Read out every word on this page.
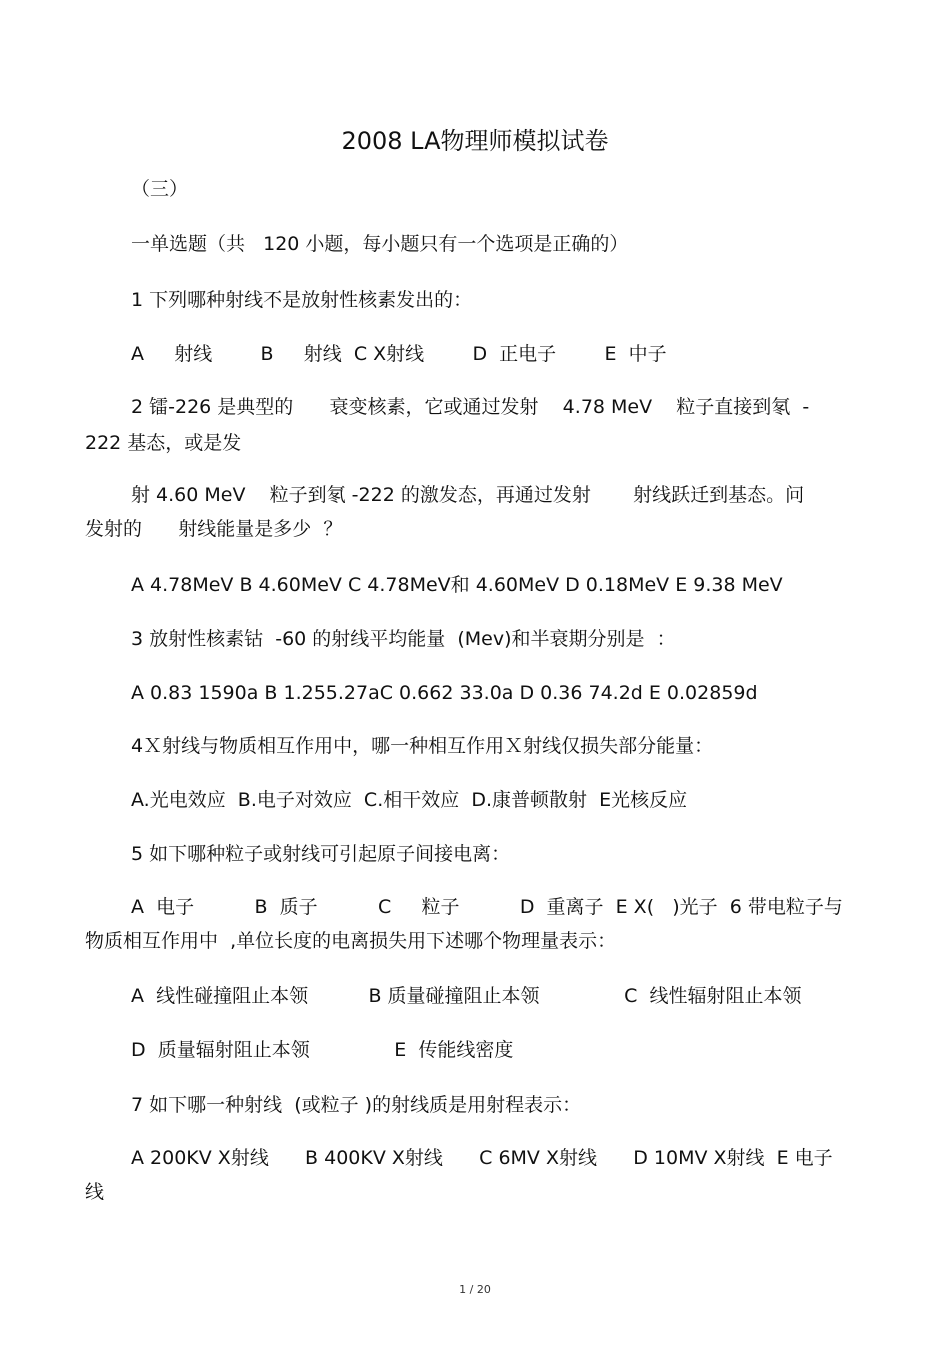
2008 LA物理师模拟试卷
（三）
一单选题（共   120 小题，每小题只有一个选项是正确的）
1 下列哪种射线不是放射性核素发出的：
A     射线        B     射线  C X射线        D  正电子        E  中子
2 镭-226 是典型的      衰变核素，它或通过发射    4.78 MeV    粒子直接到氡  -
222 基态，或是发
射 4.60 MeV    粒子到氡 -222 的激发态，再通过发射       射线跃迁到基态。问
发射的      射线能量是多少  ？
A 4.78MeV B 4.60MeV C 4.78MeV和 4.60MeV D 0.18MeV E 9.38 MeV
3 放射性核素钴  -60 的射线平均能量  (Mev)和半衰期分别是  ：
A 0.83 1590a B 1.255.27aC 0.662 33.0a D 0.36 74.2d E 0.02859d
4Ｘ射线与物质相互作用中，哪一种相互作用Ｘ射线仅损失部分能量：
A.光电效应  B.电子对效应  C.相干效应  D.康普顿散射  E光核反应
5 如下哪种粒子或射线可引起原子间接电离：
A  电子          B  质子          C     粒子          D  重离子  E X(   )光子  6 带电粒子与
物质相互作用中  ,单位长度的电离损失用下述哪个物理量表示：
A  线性碰撞阻止本领          B 质量碰撞阻止本领              C  线性辐射阻止本领
D  质量辐射阻止本领              E  传能线密度
7 如下哪一种射线  (或粒子 )的射线质是用射程表示：
A 200KV X射线      B 400KV X射线      C 6MV X射线      D 10MV X射线  E 电子
线
1 / 20
